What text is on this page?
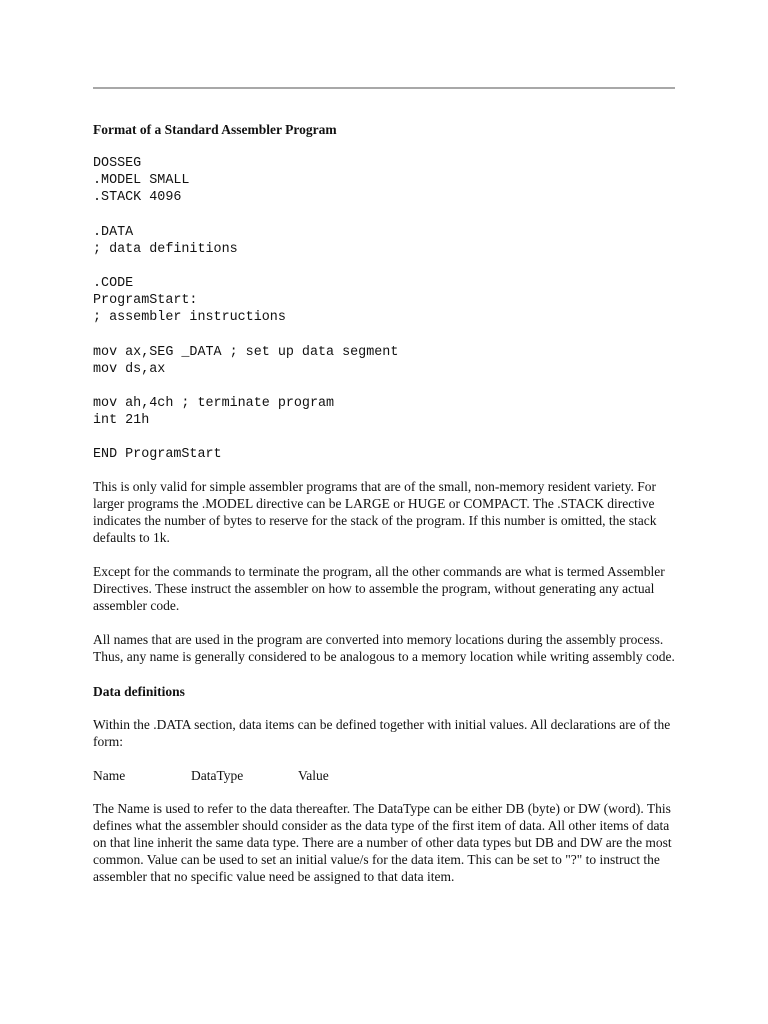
Format of a Standard Assembler Program

DOSSEG
.MODEL SMALL
.STACK 4096
.DATA
; data definitions
.CODE
ProgramStart:
; assembler instructions
mov ax,SEG _DATA ; set up data segment
mov ds,ax
mov ah,4ch ; terminate program
int 21h
END ProgramStart

This is only valid for simple assembler programs that are of the small, non-memory resident variety. For larger programs the .MODEL directive can be LARGE or HUGE or COMPACT. The .STACK directive indicates the number of bytes to reserve for the stack of the program. If this number is omitted, the stack defaults to 1k.

Except for the commands to terminate the program, all the other commands are what is termed Assembler Directives. These instruct the assembler on how to assemble the program, without generating any actual assembler code.

All names that are used in the program are converted into memory locations during the assembly process. Thus, any name is generally considered to be analogous to a memory location while writing assembly code.

Data definitions

Within the .DATA section, data items can be defined together with initial values. All declarations are of the form:

Name	DataType	Value

The Name is used to refer to the data thereafter. The DataType can be either DB (byte) or DW (word). This defines what the assembler should consider as the data type of the first item of data. All other items of data on that line inherit the same data type. There are a number of other data types but DB and DW are the most common. Value can be used to set an initial value/s for the data item. This can be set to "?" to instruct the assembler that no specific value need be assigned to that data item.
